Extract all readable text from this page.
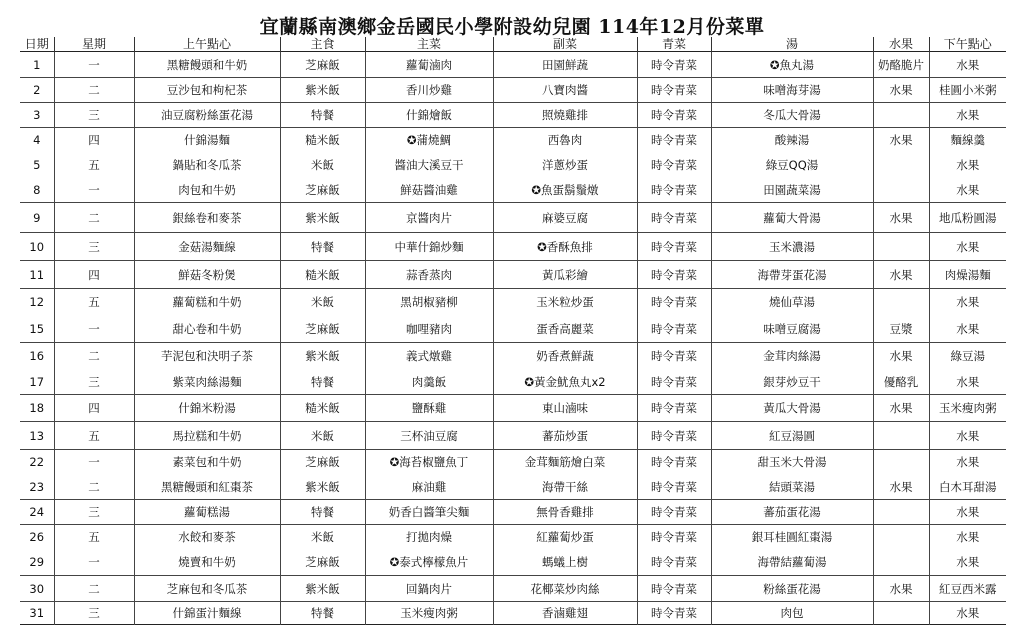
宜蘭縣南澳鄉金岳國民小學附設幼兒園 114年12月份菜單
日期	星期	上午點心	主食	主菜	副菜	青菜	湯	水果	下午點心
1	一	黑糖饅頭和牛奶	芝麻飯	蘿蔔滷肉	田園鮮蔬	時令青菜	✪魚丸湯	奶酪脆片	水果
2	二	豆沙包和枸杞茶	紫米飯	香川炒雞	八寶肉醬	時令青菜	味噌海芽湯	水果	桂圓小米粥
3	三	油豆腐粉絲蛋花湯	特餐	什錦燴飯	照燒雞排	時令青菜	冬瓜大骨湯		水果
4	四	什錦湯麵	糙米飯	✪蒲燒鯛	西魯肉	時令青菜	酸辣湯	水果	麵線羹
5	五	鍋貼和冬瓜茶	米飯	醬油大溪豆干	洋蔥炒蛋	時令青菜	綠豆QQ湯		水果
8	一	肉包和牛奶	芝麻飯	鮮菇醬油雞	✪魚蛋鬍鬚燉	時令青菜	田園蔬菜湯		水果
9	二	銀絲卷和麥茶	紫米飯	京醬肉片	麻婆豆腐	時令青菜	蘿蔔大骨湯	水果	地瓜粉圓湯
10	三	金菇湯麵線	特餐	中華什錦炒麵	✪香酥魚排	時令青菜	玉米濃湯		水果
11	四	鮮菇冬粉煲	糙米飯	蒜香蒸肉	黃瓜彩繪	時令青菜	海帶芽蛋花湯	水果	肉燥湯麵
12	五	蘿蔔糕和牛奶	米飯	黑胡椒豬柳	玉米粒炒蛋	時令青菜	燒仙草湯		水果
15	一	甜心卷和牛奶	芝麻飯	咖哩豬肉	蛋香高麗菜	時令青菜	味噌豆腐湯	豆漿	水果
16	二	芋泥包和決明子茶	紫米飯	義式燉雞	奶香煮鮮蔬	時令青菜	金茸肉絲湯	水果	綠豆湯
17	三	紫菜肉絲湯麵	特餐	肉羹飯	✪黃金魷魚丸x2	時令青菜	銀芽炒豆干	優酪乳	水果
18	四	什錦米粉湯	糙米飯	鹽酥雞	東山滷味	時令青菜	黃瓜大骨湯	水果	玉米瘦肉粥
13	五	馬拉糕和牛奶	米飯	三杯油豆腐	蕃茄炒蛋	時令青菜	紅豆湯圓		水果
22	一	素菜包和牛奶	芝麻飯	✪海苔椒鹽魚丁	金茸麵筋燴白菜	時令青菜	甜玉米大骨湯		水果
23	二	黑糖饅頭和紅棗茶	紫米飯	麻油雞	海帶干絲	時令青菜	結頭菜湯	水果	白木耳甜湯
24	三	蘿蔔糕湯	特餐	奶香白醬筆尖麵	無骨香雞排	時令青菜	蕃茄蛋花湯		水果
26	五	水餃和麥茶	米飯	打拋肉燥	紅蘿蔔炒蛋	時令青菜	銀耳桂圓紅棗湯		水果
29	一	燒賣和牛奶	芝麻飯	✪泰式檸檬魚片	螞蟻上樹	時令青菜	海帶結蘿蔔湯		水果
30	二	芝麻包和冬瓜茶	紫米飯	回鍋肉片	花椰菜炒肉絲	時令青菜	粉絲蛋花湯	水果	紅豆西米露
31	三	什錦蛋汁麵線	特餐	玉米瘦肉粥	香滷雞翅	時令青菜	肉包		水果
